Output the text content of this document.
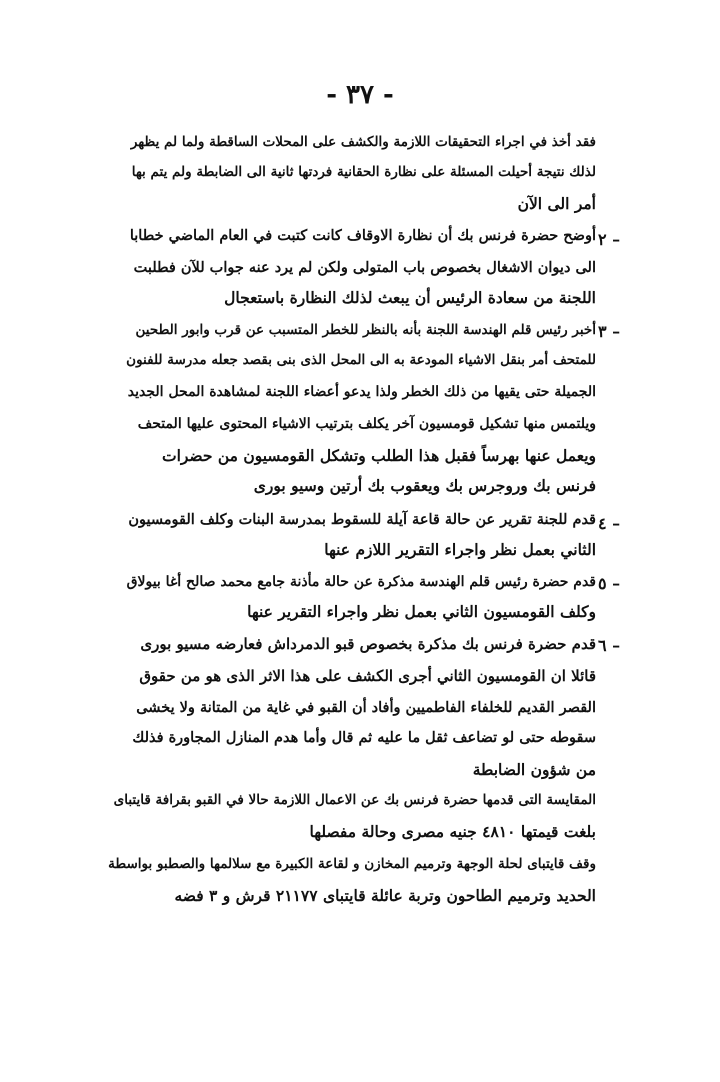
- ٣٧ -
فقد أخذ في اجراء التحقيقات اللازمة والكشف على المحلات الساقطة ولما لم يظهر
لذلك نتيجة أحيلت المسئلة على نظارة الحقانية فردتها ثانية الى الضابطة ولم يتم بها
أمر الى الآن
٢ –
أوضح حضرة فرنس بك أن نظارة الاوقاف كانت كتبت في العام الماضي خطابا
الى ديوان الاشغال بخصوص باب المتولى ولكن لم يرد عنه جواب للآن فطلبت
اللجنة من سعادة الرئيس أن يبعث لذلك النظارة باستعجال
٣ –
أخبر رئيس قلم الهندسة اللجنة بأنه بالنظر للخطر المتسبب عن قرب وابور الطحين
للمتحف أمر بنقل الاشياء المودعة به الى المحل الذى بنى بقصد جعله مدرسة للفنون
الجميلة حتى يقيها من ذلك الخطر ولذا يدعو أعضاء اللجنة لمشاهدة المحل الجديد
ويلتمس منها تشكيل قومسيون آخر يكلف بترتيب الاشياء المحتوى عليها المتحف
ويعمل عنها بهرساً فقبل هذا الطلب وتشكل القومسيون من حضرات
فرنس بك وروجرس بك ويعقوب بك أرتين وسيو بورى
٤ –
قدم للجنة تقرير عن حالة قاعة آيلة للسقوط بمدرسة البنات وكلف القومسيون
الثاني بعمل نظر واجراء التقرير اللازم عنها
٥ –
قدم حضرة رئيس قلم الهندسة مذكرة عن حالة مأذنة جامع محمد صالح أغا بيولاق
وكلف القومسيون الثاني بعمل نظر واجراء التقرير عنها
٦ –
قدم حضرة فرنس بك مذكرة بخصوص قبو الدمرداش فعارضه مسيو بورى
قائلا ان القومسيون الثاني أجرى الكشف على هذا الاثر الذى هو من حقوق
القصر القديم للخلفاء الفاطميين وأفاد أن القبو في غاية من المتانة ولا يخشى
سقوطه حتى لو تضاعف ثقل ما عليه ثم قال وأما هدم المنازل المجاورة فذلك
من شؤون الضابطة
المقايسة التى قدمها حضرة فرنس بك عن الاعمال اللازمة حالا في القبو بقرافة قايتباى
بلغت قيمتها ٤٨١٠ جنيه مصرى وحالة مفصلها
وقف قايتباى لحلة الوجهة وترميم المخازن و لقاعة الكبيرة مع سلالمها والصطبو بواسطة
الحديد وترميم الطاحون وتربة عائلة قايتباى ٢١١٧٧ قرش و ٣ فضه
